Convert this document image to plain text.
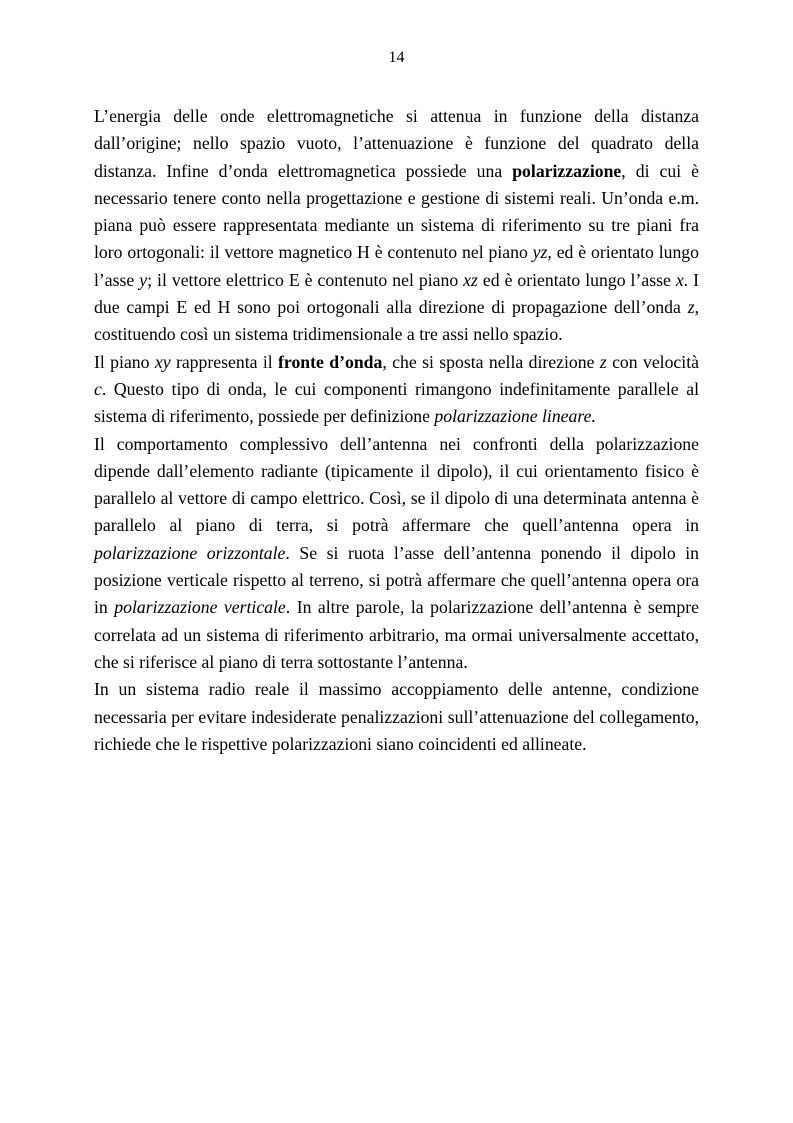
14

L’energia delle onde elettromagnetiche si attenua in funzione della distanza dall’origine; nello spazio vuoto, l’attenuazione è funzione del quadrato della distanza. Infine d’onda elettromagnetica possiede una polarizzazione, di cui è necessario tenere conto nella progettazione e gestione di sistemi reali. Un’onda e.m. piana può essere rappresentata mediante un sistema di riferimento su tre piani fra loro ortogonali: il vettore magnetico H è contenuto nel piano yz, ed è orientato lungo l’asse y; il vettore elettrico E è contenuto nel piano xz ed è orientato lungo l’asse x. I due campi E ed H sono poi ortogonali alla direzione di propagazione dell’onda z, costituendo così un sistema tridimensionale a tre assi nello spazio.

Il piano xy rappresenta il fronte d’onda, che si sposta nella direzione z con velocità c. Questo tipo di onda, le cui componenti rimangono indefinitamente parallele al sistema di riferimento, possiede per definizione polarizzazione lineare.

Il comportamento complessivo dell’antenna nei confronti della polarizzazione dipende dall’elemento radiante (tipicamente il dipolo), il cui orientamento fisico è parallelo al vettore di campo elettrico. Così, se il dipolo di una determinata antenna è parallelo al piano di terra, si potrà affermare che quell’antenna opera in polarizzazione orizzontale. Se si ruota l’asse dell’antenna ponendo il dipolo in posizione verticale rispetto al terreno, si potrà affermare che quell’antenna opera ora in polarizzazione verticale. In altre parole, la polarizzazione dell’antenna è sempre correlata ad un sistema di riferimento arbitrario, ma ormai universalmente accettato, che si riferisce al piano di terra sottostante l’antenna.

In un sistema radio reale il massimo accoppiamento delle antenne, condizione necessaria per evitare indesiderate penalizzazioni sull’attenuazione del collegamento, richiede che le rispettive polarizzazioni siano coincidenti ed allineate.
